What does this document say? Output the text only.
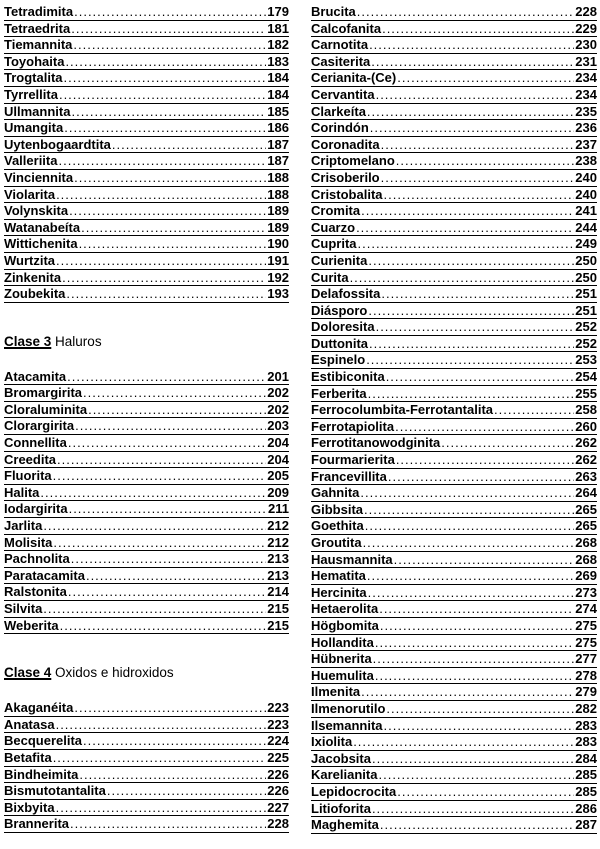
Tetradimita .....	179
Tetraedrita .....	181
Tiemannita .....	182
Toyohaita .....	183
Trogtalita .....	184
Tyrrellita .....	184
Ullmannita .....	185
Umangita .....	186
Uytenbogaardtita .....	187
Valleriita .....	187
Vinciennita .....	188
Violarita .....	188
Volynskita .....	189
Watanabeíta .....	189
Wittichenita .....	190
Wurtzita .....	191
Zinkenita .....	192
Zoubekita .....	193
Clase 3 Haluros
Atacamita .....	201
Bromargirita .....	202
Cloraluminita .....	202
Clorargirita .....	203
Connellita .....	204
Creedita .....	204
Fluorita .....	205
Halita .....	209
Iodargirita .....	211
Jarlita .....	212
Molisita .....	212
Pachnolita .....	213
Paratacamita .....	213
Ralstonita .....	214
Silvita .....	215
Weberita .....	215
Clase 4 Oxidos e hidroxidos
Akaganéita .....	223
Anatasa .....	223
Becquerelita .....	224
Betafita .....	225
Bindheimita .....	226
Bismutotantalita .....	226
Bixbyita .....	227
Brannerita .....	228
Brucita .....	228
Calcofanita .....	229
Carnotita .....	230
Casiterita .....	231
Cerianita-(Ce) .....	234
Cervantita .....	234
Clarkeíta .....	235
Corindón .....	236
Coronadita .....	237
Criptomelano .....	238
Crisoberilo .....	240
Cristobalita .....	240
Cromita .....	241
Cuarzo .....	244
Cuprita .....	249
Curienita .....	250
Curita .....	250
Delafossita .....	251
Diásporo .....	251
Doloresita .....	252
Duttonita .....	252
Espinelo .....	253
Estibiconita .....	254
Ferberita .....	255
Ferrocolumbita-Ferrotantalita .....	258
Ferrotapiolita .....	260
Ferrotitanowodginita .....	262
Fourmarierita .....	262
Francevillita .....	263
Gahnita .....	264
Gibbsita .....	265
Goethita .....	265
Groutita .....	268
Hausmannita .....	268
Hematita .....	269
Hercinita .....	273
Hetaerolita .....	274
Högbomita .....	275
Hollandita .....	275
Hübnerita .....	277
Huemulita .....	278
Ilmenita .....	279
Ilmenorutilo .....	282
Ilsemannita .....	283
Ixiolita .....	283
Jacobsita .....	284
Karelianita .....	285
Lepidocrocita .....	285
Litioforita .....	286
Maghemita .....	287
